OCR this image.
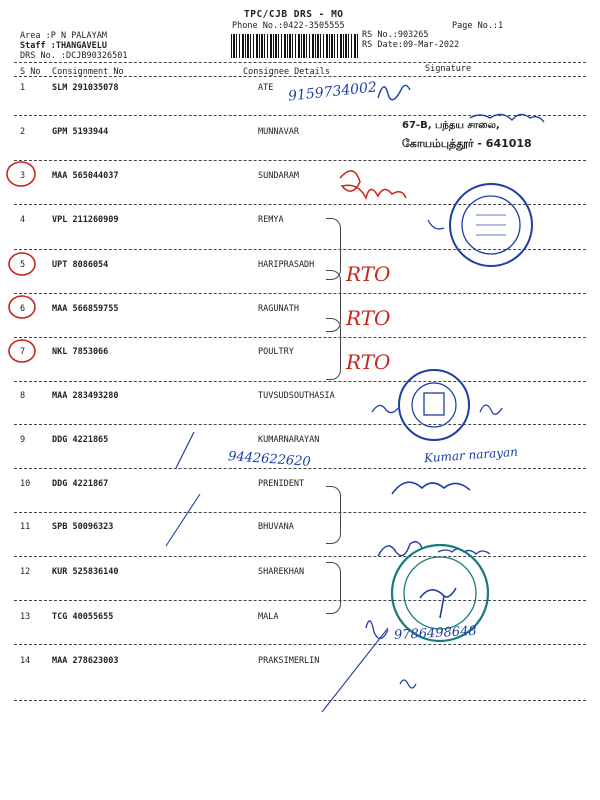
TPC/CJB DRS - MO
Phone No.:0422-3505555	Page No.:1
Area :P N PALAYAM
Staff :THANGAVELU
DRS No. :DCJB90326501
RS No.:903265
RS Date:09-Mar-2022
S No Consignment No	Consignee Details	Signature
1	SLM 291035078	ATE
2	GPM 5193944	MUNNAVAR
3	MAA 565044037	SUNDARAM
4	VPL 211260909	REMYA
5	UPT 8086054	HARIPRASADH
6	MAA 566859755	RAGUNATH
7	NKL 7853066	POULTRY
8	MAA 283493280	TUVSUDSOUTHASIA
9	DDG 4221865	KUMARNARAYAN
10	DDG 4221867	PRENIDENT
11	SPB 50096323	BHUVANA
12	KUR 525836140	SHAREKHAN
13	TCG 40055655	MALA
14	MAA 278623003	PRAKSIMERLIN
9159734002
67-B, பந்தய சாலை,
கோயம்புத்தூர் - 641018
RTO
RTO
RTO
9442622620	Kumar narayan
9786498648
